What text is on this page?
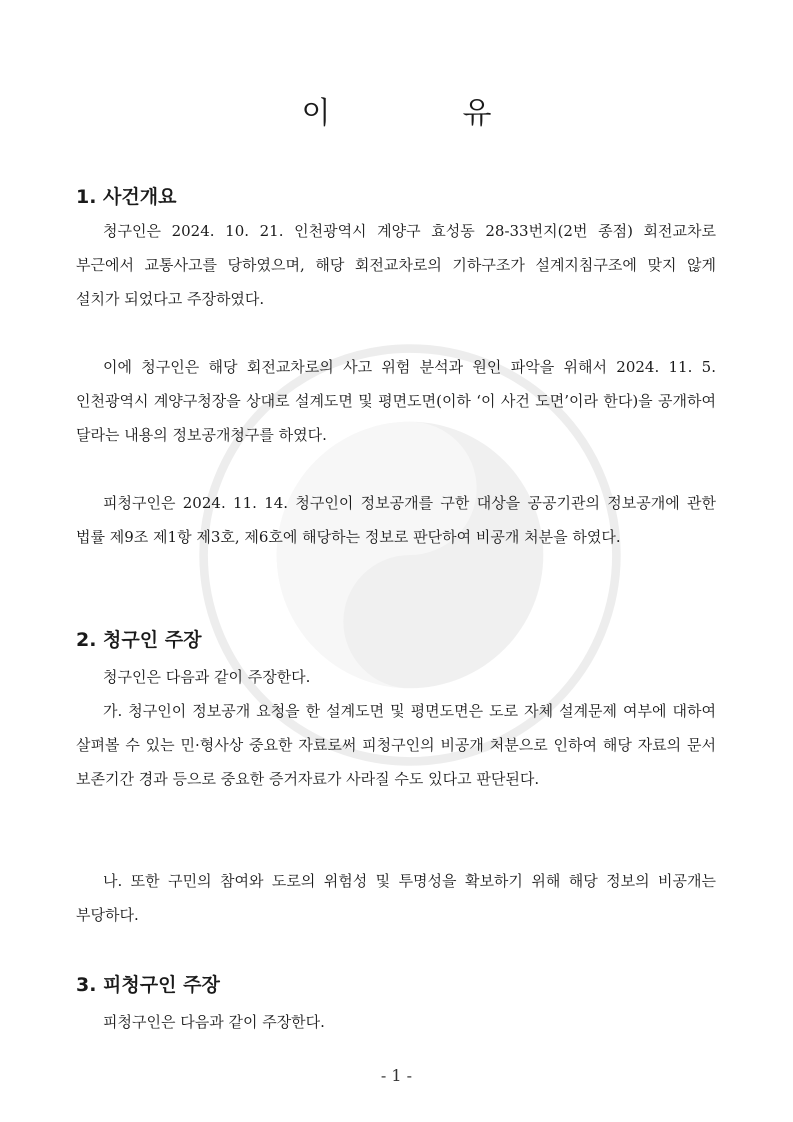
이	유
1. 사건개요
청구인은 2024. 10. 21. 인천광역시 계양구 효성동 28-33번지(2번 종점) 회전교차로 부근에서 교통사고를 당하였으며, 해당 회전교차로의 기하구조가 설계지침구조에 맞지 않게 설치가 되었다고 주장하였다.
이에 청구인은 해당 회전교차로의 사고 위험 분석과 원인 파악을 위해서 2024. 11. 5. 인천광역시 계양구청장을 상대로 설계도면 및 평면도면(이하 ‘이 사건 도면’이라 한다)을 공개하여 달라는 내용의 정보공개청구를 하였다.
피청구인은 2024. 11. 14. 청구인이 정보공개를 구한 대상을 공공기관의 정보공개에 관한 법률 제9조 제1항 제3호, 제6호에 해당하는 정보로 판단하여 비공개 처분을 하였다.
2. 청구인 주장
청구인은 다음과 같이 주장한다.
가. 청구인이 정보공개 요청을 한 설계도면 및 평면도면은 도로 자체 설계문제 여부에 대하여 살펴볼 수 있는 민·형사상 중요한 자료로써 피청구인의 비공개 처분으로 인하여 해당 자료의 문서 보존기간 경과 등으로 중요한 증거자료가 사라질 수도 있다고 판단된다.
나. 또한 구민의 참여와 도로의 위험성 및 투명성을 확보하기 위해 해당 정보의 비공개는 부당하다.
3. 피청구인 주장
피청구인은 다음과 같이 주장한다.
- 1 -
